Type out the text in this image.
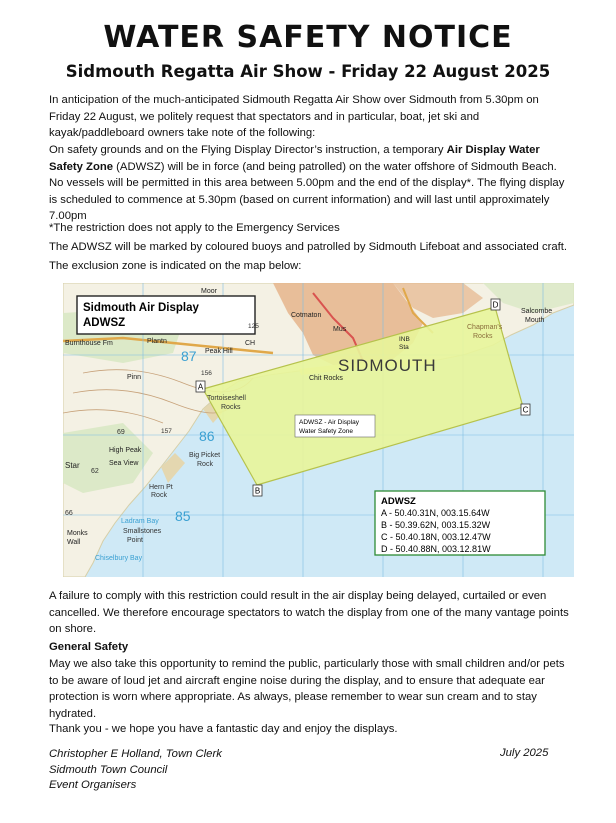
WATER SAFETY NOTICE
Sidmouth Regatta Air Show - Friday 22 August 2025

In anticipation of the much-anticipated Sidmouth Regatta Air Show over Sidmouth from 5.30pm on Friday 22 August, we politely request that spectators and in particular, boat, jet ski and kayak/paddleboard owners take note of the following:

On safety grounds and on the Flying Display Director’s instruction, a temporary Air Display Water Safety Zone (ADWSZ) will be in force (and being patrolled) on the water offshore of Sidmouth Beach. No vessels will be permitted in this area between 5.00pm and the end of the display*. The flying display is scheduled to commence at 5.30pm (based on current information) and will last until approximately 7.00pm

*The restriction does not apply to the Emergency Services

The ADWSZ will be marked by coloured buoys and patrolled by Sidmouth Lifeboat and associated craft.

The exclusion zone is indicated on the map below:

A
B
C
D
ADWSZ - Air Display
Water Safety Zone
Sidmouth Air Display
ADWSZ
SIDMOUTH
87
86
85
69
62
66
156
157
125
Burnthouse Fm	Plantn
Peak Hill
Pinn
Cotmaton
Chit Rocks
Chapman's
Rocks
Salcombe
Mouth
Tortoiseshell
Rocks
Big Picket
Rock
High Peak
Sea View
Star
Hern Pt
Rock
Ladram Bay
Smallstones
Point
Monks
Wall
Chiselbury Bay
Moor
CH
Mus
INB
Sta
ADWSZ
A - 50.40.31N, 003.15.64W
B - 50.39.62N, 003.15.32W
C - 50.40.18N, 003.12.47W
D - 50.40.88N, 003.12.81W

A failure to comply with this restriction could result in the air display being delayed, curtailed or even cancelled. We therefore encourage spectators to watch the display from one of the many vantage points on shore.

General Safety

May we also take this opportunity to remind the public, particularly those with small children and/or pets to be aware of loud jet and aircraft engine noise during the display, and to ensure that adequate ear protection is worn where appropriate. As always, please remember to wear sun cream and to stay hydrated.

Thank you - we hope you have a fantastic day and enjoy the displays.

Christopher E Holland, Town Clerk
Sidmouth Town Council
Event Organisers
July 2025
